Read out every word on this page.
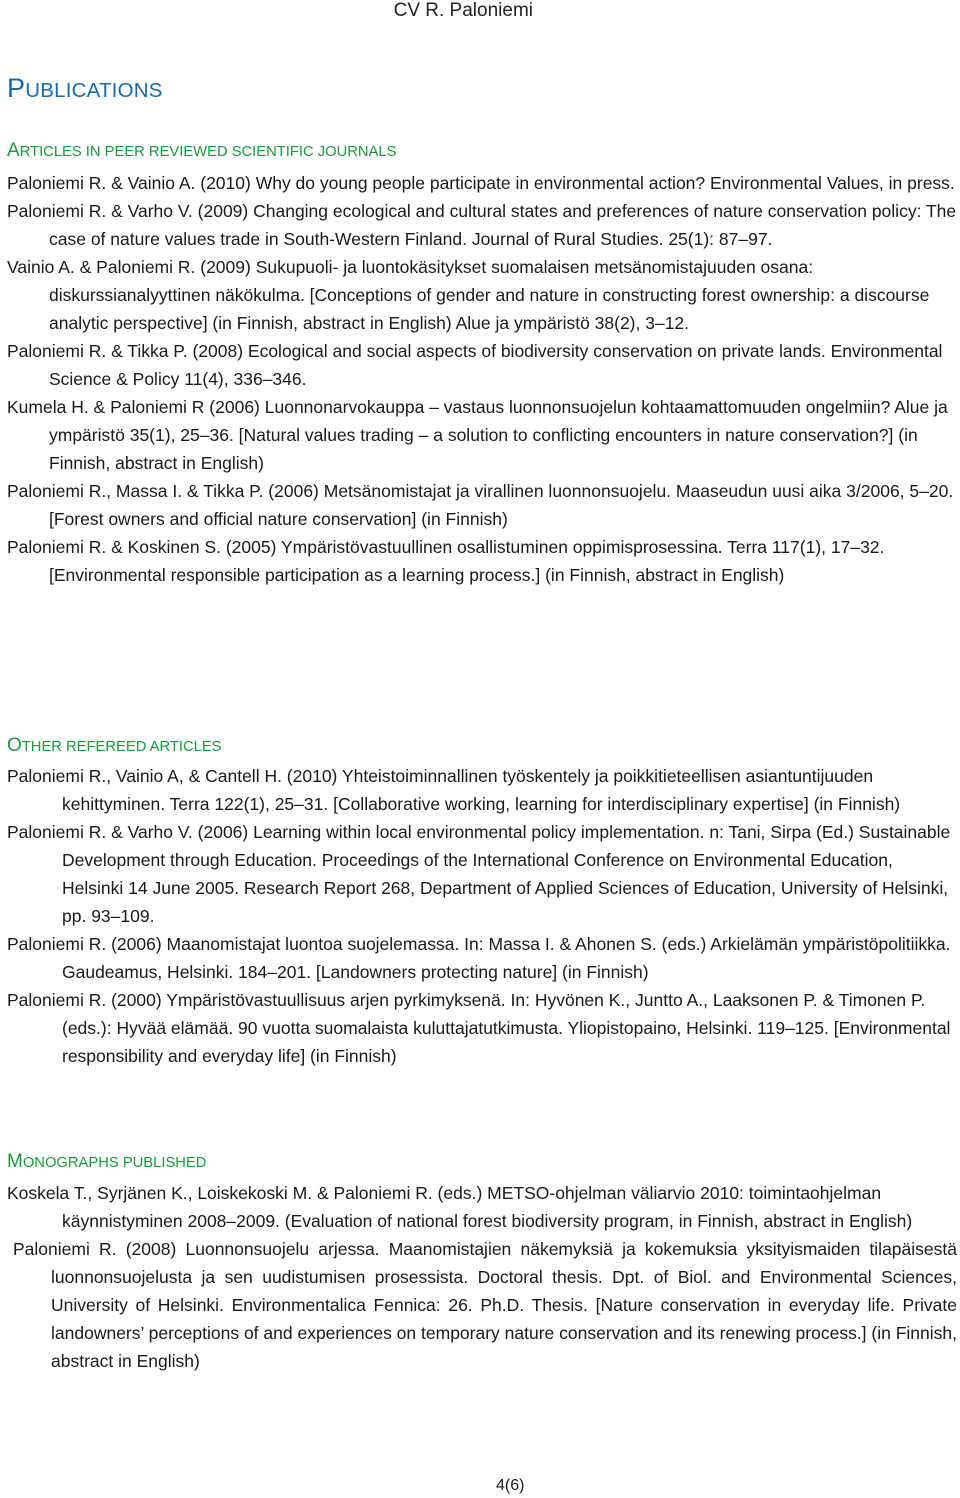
CV R. Paloniemi
PUBLICATIONS
ARTICLES IN PEER REVIEWED SCIENTIFIC JOURNALS

Paloniemi R. & Vainio A. (2010) Why do young people participate in environmental action? Environmental Values, in press.

Paloniemi R. & Varho V. (2009) Changing ecological and cultural states and preferences of nature conservation policy: The case of nature values trade in South-Western Finland. Journal of Rural Studies. 25(1): 87–97.

Vainio A. & Paloniemi R. (2009) Sukupuoli- ja luontokäsitykset suomalaisen metsänomistajuuden osana: diskurssianalyyttinen näkökulma. [Conceptions of gender and nature in constructing forest ownership: a discourse analytic perspective] (in Finnish, abstract in English) Alue ja ympäristö 38(2), 3–12.

Paloniemi R. & Tikka P. (2008) Ecological and social aspects of biodiversity conservation on private lands. Environmental Science & Policy 11(4), 336–346.

Kumela H. & Paloniemi R (2006) Luonnonarvokauppa – vastaus luonnonsuojelun kohtaamattomuuden ongelmiin? Alue ja ympäristö 35(1), 25–36. [Natural values trading – a solution to conflicting encounters in nature conservation?] (in Finnish, abstract in English)

Paloniemi R., Massa I. & Tikka P. (2006) Metsänomistajat ja virallinen luonnonsuojelu. Maaseudun uusi aika 3/2006, 5–20. [Forest owners and official nature conservation] (in Finnish)

Paloniemi R. & Koskinen S. (2005) Ympäristövastuullinen osallistuminen oppimisprosessina. Terra 117(1), 17–32. [Environmental responsible participation as a learning process.] (in Finnish, abstract in English)

OTHER REFEREED ARTICLES

Paloniemi R., Vainio A, & Cantell H. (2010) Yhteistoiminnallinen työskentely ja poikkitieteellisen asiantuntijuuden kehittyminen. Terra 122(1), 25–31. [Collaborative working, learning for interdisciplinary expertise] (in Finnish)

Paloniemi R. & Varho V. (2006) Learning within local environmental policy implementation. n: Tani, Sirpa (Ed.) Sustainable Development through Education. Proceedings of the International Conference on Environmental Education, Helsinki 14 June 2005. Research Report 268, Department of Applied Sciences of Education, University of Helsinki, pp. 93–109.

Paloniemi R. (2006) Maanomistajat luontoa suojelemassa. In: Massa I. & Ahonen S. (eds.) Arkielämän ympäristöpolitiikka. Gaudeamus, Helsinki. 184–201. [Landowners protecting nature] (in Finnish)

Paloniemi R. (2000) Ympäristövastuullisuus arjen pyrkimyksenä. In: Hyvönen K., Juntto A., Laaksonen P. & Timonen P. (eds.): Hyvää elämää. 90 vuotta suomalaista kuluttajatutkimusta. Yliopistopaino, Helsinki. 119–125. [Environmental responsibility and everyday life] (in Finnish)

MONOGRAPHS PUBLISHED

Koskela T., Syrjänen K., Loiskekoski M. & Paloniemi R. (eds.) METSO-ohjelman väliarvio 2010: toimintaohjelman käynnistyminen 2008–2009. (Evaluation of national forest biodiversity program, in Finnish, abstract in English)

Paloniemi R. (2008) Luonnonsuojelu arjessa. Maanomistajien näkemyksiä ja kokemuksia yksityismaiden tilapäisestä luonnonsuojelusta ja sen uudistumisen prosessista. Doctoral thesis. Dpt. of Biol. and Environmental Sciences, University of Helsinki. Environmentalica Fennica: 26. Ph.D. Thesis. [Nature conservation in everyday life. Private landowners’ perceptions of and experiences on temporary nature conservation and its renewing process.] (in Finnish, abstract in English)

4(6)
